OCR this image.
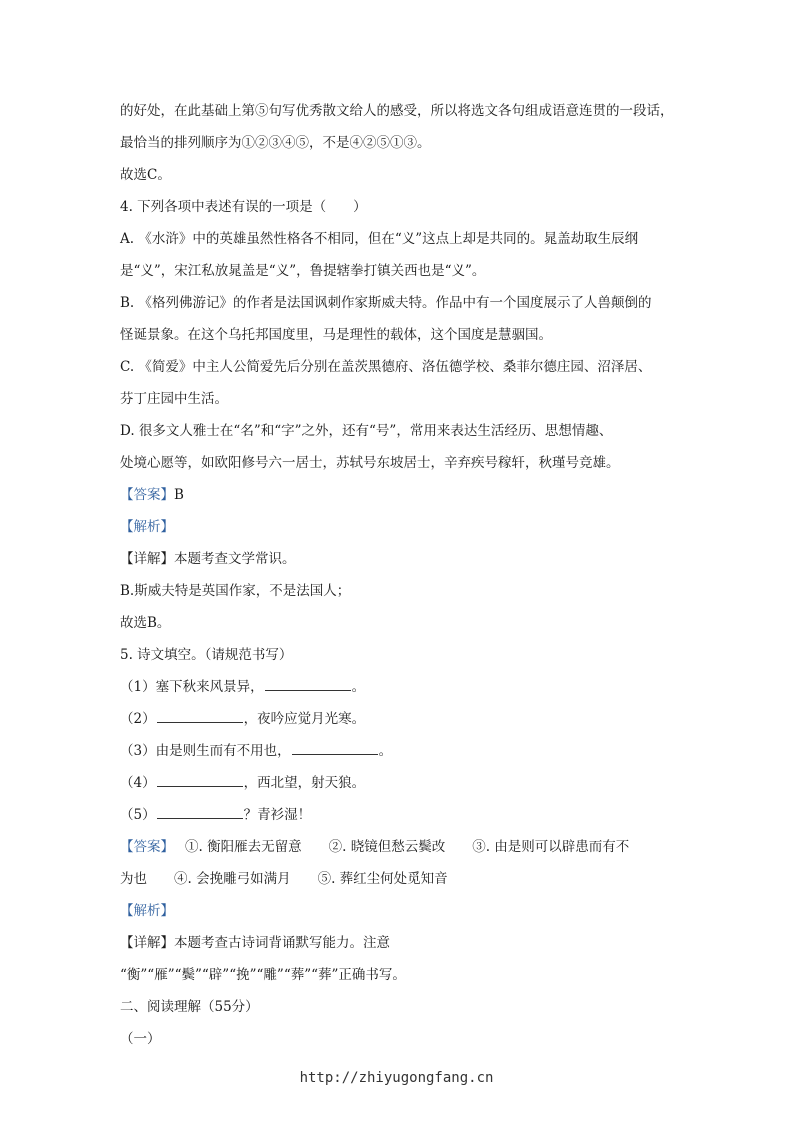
的好处，在此基础上第⑤句写优秀散文给人的感受，所以将选文各句组成语意连贯的一段话，
最恰当的排列顺序为①②③④⑤，不是④②⑤①③。
故选C。
4. 下列各项中表述有误的一项是（　　）
A. 《水浒》中的英雄虽然性格各不相同，但在“义”这点上却是共同的。晁盖劫取生辰纲
是“义”，宋江私放晁盖是“义”，鲁提辖拳打镇关西也是“义”。
B. 《格列佛游记》的作者是法国讽刺作家斯威夫特。作品中有一个国度展示了人兽颠倒的
怪诞景象。在这个乌托邦国度里，马是理性的载体，这个国度是慧骃国。
C. 《简爱》中主人公简爱先后分别在盖茨黑德府、洛伍德学校、桑菲尔德庄园、沼泽居、
芬丁庄园中生活。
D. 很多文人雅士在“名”和“字”之外，还有“号”，常用来表达生活经历、思想情趣、
处境心愿等，如欧阳修号六一居士，苏轼号东坡居士，辛弃疾号稼轩，秋瑾号竞雄。
【答案】B
【解析】
【详解】本题考查文学常识。
B.斯威夫特是英国作家，不是法国人；
故选B。
5. 诗文填空。（请规范书写）
（1）塞下秋来风景异，	。
（2）	，夜吟应觉月光寒。
（3）由是则生而有不用也，	。
（4）	，西北望，射天狼。
（5）	？青衫湿！
【答案】　 ①. 衡阳雁去无留意　　②. 晓镜但愁云鬓改　　③. 由是则可以辟患而有不
为也　　④. 会挽雕弓如满月　　⑤. 葬红尘何处觅知音
【解析】
【详解】本题考查古诗词背诵默写能力。注意
“衡”“雁”“鬓”“辟”“挽”“雕”“葬”“葬”正确书写。
二、阅读理解（55分）
（一）
http://zhiyugongfang.cn
